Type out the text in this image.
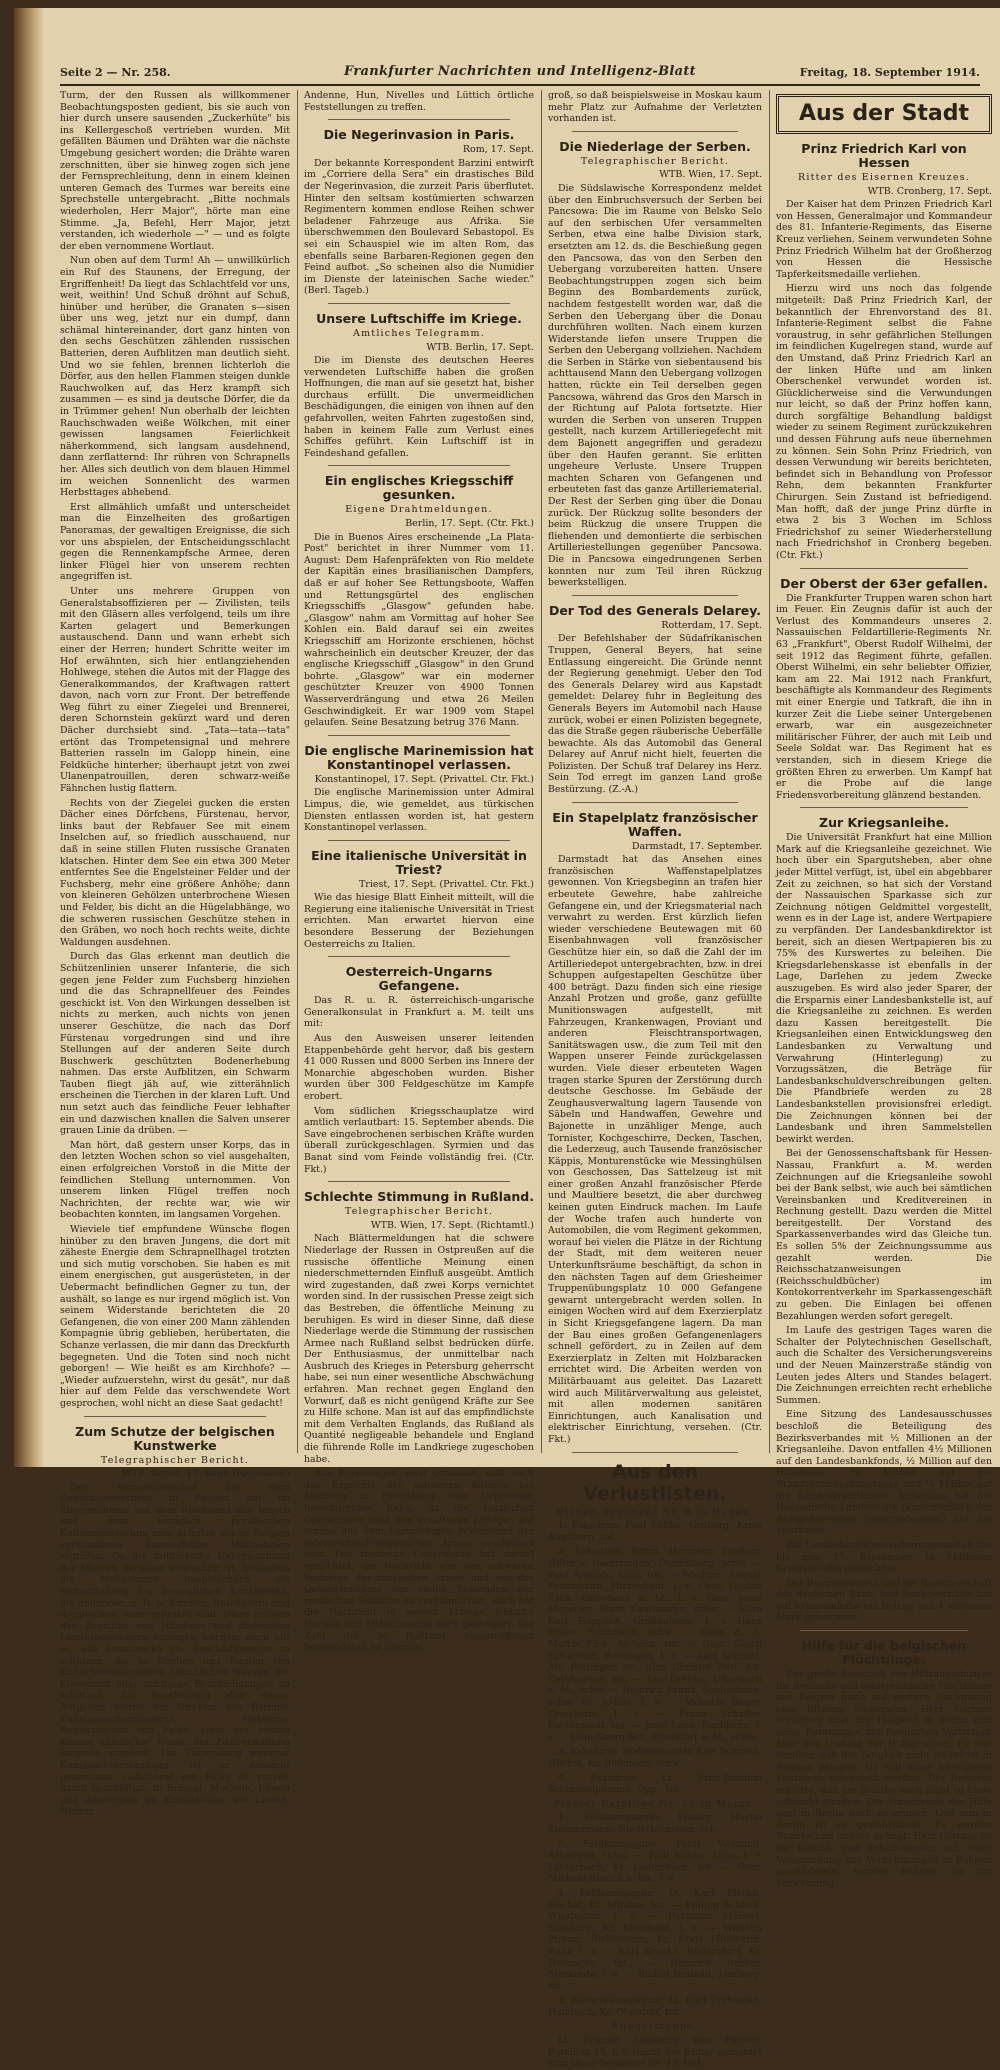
Seite 2 — Nr. 258.	Frankfurter Nachrichten und Intelligenz-Blatt	Freitag, 18. September 1914.

Turm, der den Russen als willkommener Beobachtungsposten gedient, bis sie auch von hier durch unsere sausenden „Zuckerhüte" bis ins Kellergeschoß vertrieben wurden. Mit gefällten Bäumen und Drähten war die nächste Umgebung gesichert worden; die Drähte waren zerschnitten, über sie hinweg zogen sich jene der Fernsprechleitung, denn in einem kleinen unteren Gemach des Turmes war bereits eine Sprechstelle untergebracht. „Bitte nochmals wiederholen, Herr Major", hörte man eine Stimme. „Ja, Befehl, Herr Major, jetzt verstanden, ich wiederhole —" — und es folgte der eben vernommene Wortlaut.

Nun oben auf dem Turm! Ah — unwillkürlich ein Ruf des Staunens, der Erregung, der Ergriffenheit! Da liegt das Schlachtfeld vor uns, weit, weithin! Und Schuß dröhnt auf Schuß, hinüber und herüber, die Granaten s—sisen über uns weg, jetzt nur ein dumpf, dann schämal hintereinander, dort ganz hinten von den sechs Geschützen zählenden russischen Batterien, deren Aufblitzen man deutlich sieht. Und wo sie fehlen, brennen lichterloh die Dörfer, aus den hellen Flammen steigen dunkle Rauchwolken auf, das Herz krampft sich zusammen — es sind ja deutsche Dörfer, die da in Trümmer gehen! Nun oberhalb der leichten Rauchschwaden weiße Wölkchen, mit einer gewissen langsamen Feierlichkeit näherkommend, sich langsam ausdehnend, dann zerflatternd: Ihr rühren von Schrapnells her. Alles sich deutlich von dem blauen Himmel im weichen Sonnenlicht des warmen Herbsttages abhebend.

Erst allmählich umfaßt und unterscheidet man die Einzelheiten des großartigen Panoramas, der gewaltigen Ereignisse, die sich vor uns abspielen, der Entscheidungsschlacht gegen die Rennenkampfsche Armee, deren linker Flügel hier von unserem rechten angegriffen ist.

Unter uns mehrere Gruppen von Generalstabsoffizieren per — Zivilisten, teils mit den Gläsern alles verfolgend, teils um ihre Karten gelagert und Bemerkungen austauschend. Dann und wann erhebt sich einer der Herren; hundert Schritte weiter im Hof erwähnten, sich hier entlangziehenden Hohlwege, stehen die Autos mit der Flagge des Generalkommandos, der Kraftwagen rattert davon, nach vorn zur Front. Der betreffende Weg führt zu einer Ziegelei und Brennerei, deren Schornstein gekürzt ward und deren Dächer durchsiebt sind. „Tata—tata—tata" ertönt das Trompetensignal und mehrere Batterien rasseln im Galopp hinein, eine Feldküche hinterher; überhaupt jetzt von zwei Ulanenpatrouillen, deren schwarz-weiße Fähnchen lustig flattern.

Rechts von der Ziegelei gucken die ersten Dächer eines Dörfchens, Fürstenau, hervor, links baut der Rebfauer See mit einem Inselchen auf, so friedlich ausschauend, nur daß in seine stillen Fluten russische Granaten klatschen. Hinter dem See ein etwa 300 Meter entferntes See die Engelsteiner Felder und der Fuchsberg, mehr eine größere Anhöhe; dann von kleineren Gehölzen unterbrochene Wiesen und Felder, bis dicht an die Hügelabhänge, wo die schweren russischen Geschütze stehen in den Gräben, wo noch hoch rechts weite, dichte Waldungen ausdehnen.

Durch das Glas erkennt man deutlich die Schützenlinien unserer Infanterie, die sich gegen jene Felder zum Fuchsberg hinziehen und die das Schrapnellfeuer des Feindes geschickt ist. Von den Wirkungen desselben ist nichts zu merken, auch nichts von jenen unserer Geschütze, die nach das Dorf Fürstenau vorgedrungen sind und ihre Stellungen auf der anderen Seite durch Buschwerk geschützten Bodenerhebung nahmen. Das erste Aufblitzen, ein Schwarm Tauben fliegt jäh auf, wie zitterähnlich erscheinen die Tierchen in der klaren Luft. Und nun setzt auch das feindliche Feuer lebhafter ein und dazwischen knallen die Salven unserer grauen Linie da drüben. —

Man hört, daß gestern unser Korps, das in den letzten Wochen schon so viel ausgehalten, einen erfolgreichen Vorstoß in die Mitte der feindlichen Stellung unternommen. Von unserem linken Flügel treffen noch Nachrichten, der rechte war, wie wir beobachten konnten, im langsamen Vorgehen.

Wieviele tief empfundene Wünsche flogen hinüber zu den braven Jungens, die dort mit zäheste Energie dem Schrapnellhagel trotzten und sich mutig vorschoben. Sie haben es mit einem energischen, gut ausgerüsteten, in der Uebermacht befindlichen Gegner zu tun, der aushält, so lange es nur irgend möglich ist. Von seinem Widerstande berichteten die 20 Gefangenen, die von einer 200 Mann zählenden Kompagnie übrig geblieben, herübertaten, die Schanze verlassen, die mir dann das Dreckfurth begegneten. Und die Toten sind noch nicht geborgen! — Wie heißt es am Kirchhofe? — „Wieder aufzuerstehn, wirst du gesät", nur daß hier auf dem Felde das verschwendete Wort gesprochen, wohl nicht an diese Saat gedacht!

Zum Schutze der belgischen Kunstwerke
Telegraphischer Bericht.
WTB. Berlin, 17. Sept. (Richtamtl.)

Der Verwaltungschef bei dem Generalgouverneur in Belgien hat im Einvernehmen mit dem Reichsamt des Innern und dem königlich preußischen Kultusministerium zum Schutze der in Belgien vorhandenen Kunstschätze Maßnahmen ergriffen. Da die militärische Ueberwachung der Museen derselbe wesentlich ist, bestreben die Maßnahmen hauptsächlich die Sicherstellung der beweglichen Kunstwerke, die anderswo, z. B. in Kirchen, Rathäusern und dergleichen, untergebracht sind. Diese müssen den Zugriffen von Händlern und diebischen Landesbewohnern entzogen werden; auch gilt es, alle Kunstwerke vor Beschädigungen zu schützen, die in Kirchen und Bauten von Kulturbesonderheiten befindlichen Werken der Kleinkunst oder achtlosen Beschädigungen zu schützen. Zur Bearbeitung aller dieser Aufgaben wurde der Direktor des Berliner Kunstgewerbemuseums, Geheimer Regierungsrat von Falke, einer der besten Kenner sämtlicher Kunst, der Zivilverwaltung Belgiens zugeteilt. Die Entsendung weiterer Kunstsachverständiger ist in Aussicht genommen. Geheimrat von Falke ist zurzeit damit beschäftigt, in Brüssel, Mecheln, Löwen und Antwerpen an Kunststätten wie Löwen, Namur,

Andenne, Hun, Nivelles und Lüttich örtliche Feststellungen zu treffen.

Die Negerinvasion in Paris.
Rom, 17. Sept.

Der bekannte Korrespondent Barzini entwirft im „Corriere della Sera" ein drastisches Bild der Negerinvasion, die zurzeit Paris überflutet. Hinter den seltsam kostümierten schwarzen Regimentern kommen endlose Reihen schwer beladener Fahrzeuge aus Afrika. Sie überschwemmen den Boulevard Sebastopol. Es sei ein Schauspiel wie im alten Rom, das ebenfalls seine Barbaren-Regionen gegen den Feind aufbot. „So scheinen also die Numidier im Dienste der lateinischen Sache wieder." (Berl. Tageb.)

Unsere Luftschiffe im Kriege.
Amtliches Telegramm.
WTB. Berlin, 17. Sept.

Die im Dienste des deutschen Heeres verwendeten Luftschiffe haben die großen Hoffnungen, die man auf sie gesetzt hat, bisher durchaus erfüllt. Die unvermeidlichen Beschädigungen, die einigen von ihnen auf den gefahrvollen, weiten Fahrten zugestoßen sind, haben in keinem Falle zum Verlust eines Schiffes geführt. Kein Luftschiff ist in Feindeshand gefallen.

Ein englisches Kriegsschiff gesunken.
Eigene Drahtmeldungen.
Berlin, 17. Sept. (Ctr. Fkt.)

Die in Buenos Aires erscheinende „La Plata-Post" berichtet in ihrer Nummer vom 11. August: Dem Hafenpräfekten von Rio meldete der Kapitän eines brasilianischen Dampfers, daß er auf hoher See Rettungsboote, Waffen und Rettungsgürtel des englischen Kriegsschiffs „Glasgow" gefunden habe. „Glasgow" nahm am Vormittag auf hoher See Kohlen ein. Bald darauf sei ein zweites Kriegsschiff am Horizonte erschienen, höchst wahrscheinlich ein deutscher Kreuzer, der das englische Kriegsschiff „Glasgow" in den Grund bohrte. „Glasgow" war ein moderner geschützter Kreuzer von 4900 Tonnen Wasserverdrängung und etwa 26 Meilen Geschwindigkeit. Er war 1909 vom Stapel gelaufen. Seine Besatzung betrug 376 Mann.

Die englische Marinemission hat Konstantinopel verlassen.
Konstantinopel, 17. Sept. (Privattel. Ctr. Fkt.)

Die englische Marinemission unter Admiral Limpus, die, wie gemeldet, aus türkischen Diensten entlassen worden ist, hat gestern Konstantinopel verlassen.

Eine italienische Universität in Triest?
Triest, 17. Sept. (Privattel. Ctr. Fkt.)

Wie das hiesige Blatt Einheit mitteilt, will die Regierung eine italienische Universität in Triest errichten. Man erwartet hiervon eine besondere Besserung der Beziehungen Oesterreichs zu Italien.

Oesterreich-Ungarns Gefangene.

Das R. u. R. österreichisch-ungarische Generalkonsulat in Frankfurt a. M. teilt uns mit:

Aus den Ausweisen unserer leitenden Etappenbehörde geht hervor, daß bis gestern 41 000 Russen und 8000 Serben ins Innere der Monarchie abgeschoben wurden. Bisher wurden über 300 Feldgeschütze im Kampfe erobert.

Vom südlichen Kriegsschauplatze wird amtlich verlautbart: 15. September abends. Die Save eingebrochenen serbischen Kräfte wurden überall zurückgeschlagen. Syrmien und das Banat sind vom Feinde vollständig frei. (Ctr. Fkt.)

Schlechte Stimmung in Rußland.
Telegraphischer Bericht.
WTB. Wien, 17. Sept. (Richtamtl.)

Nach Blättermeldungen hat die schwere Niederlage der Russen in Ostpreußen auf die russische öffentliche Meinung einen niederschmetternden Einfluß ausgeübt. Amtlich wird zugestanden, daß zwei Korps vernichtet worden sind. In der russischen Presse zeigt sich das Bestreben, die öffentliche Meinung zu beruhigen. Es wird in dieser Sinne, daß diese Niederlage werde die Stimmung der russischen Armee nach Rußland selbst bedrücken dürfe. Der Enthusiasmus, der unmittelbar nach Ausbruch des Krieges in Petersburg geherrscht habe, sei nun einer wesentliche Abschwächung erfahren. Man rechnet gegen England den Vorwurf, daß es nicht genügend Kräfte zur See zu Hilfe schone. Man ist auf das empfindlichste mit dem Verhalten Englands, das Rußland als Quantité negligeable behandele und England die führende Rolle im Landkriege zugeschoben habe.

Aus Kopenhagen wird gemeldet, daß auch das Ergebnis der schweren Kämpfe bei Lemberg in Petersburg eine Depression hervorgerufen habe, da die russischen Operationen nach den erhaltenen Erfolgen auf einmal aus dem hartnäckigen Widerstand der österreichisch-ungarischen Armee gescheitert sind. Der russische Generalstab hat darauf verzichtet, die Nachricht von den schweren Verlusten der russischen Armee und von der Gefangennahme von vielen Tausenden von russischen Soldaten zu verheimlichen, doch hat die Nachricht in weiten Kreisen lebhafte Unruhe und Mißstimmung noch gesteigert. Die Zahl der in Rußland eingetroffenen Verwundeten ist überaus

groß, so daß beispielsweise in Moskau kaum mehr Platz zur Aufnahme der Verletzten vorhanden ist.

Die Niederlage der Serben.
Telegraphischer Bericht.
WTB. Wien, 17. Sept.

Die Südslawische Korrespondenz meldet über den Einbruchsversuch der Serben bei Pancsowa: Die im Raume von Belsko Selo auf den serbischen Ufer versammelten Serben, etwa eine halbe Division stark, ersetzten am 12. ds. die Beschießung gegen den Pancsowa, das von den Serben den Uebergang vorzubereiten hatten. Unsere Beobachtungstruppen zogen sich beim Beginn des Bombardements zurück, nachdem festgestellt worden war, daß die Serben den Uebergang über die Donau durchführen wollten. Nach einem kurzen Widerstande liefen unsere Truppen die Serben den Uebergang vollziehen. Nachdem die Serben in Stärke von siebentausend bis achttausend Mann den Uebergang vollzogen hatten, rückte ein Teil derselben gegen Pancsowa, während das Gros den Marsch in der Richtung auf Palota fortsetzte. Hier wurden die Serben von unseren Truppen gestellt, nach kurzem Artilleriegefecht mit dem Bajonett angegriffen und geradezu über den Haufen gerannt. Sie erlitten ungeheure Verluste. Unsere Truppen machten Scharen von Gefangenen und erbeuteten fast das ganze Artilleriematerial. Der Rest der Serben ging über die Donau zurück. Der Rückzug sollte besonders der beim Rückzug die unsere Truppen die fliehenden und demontierte die serbischen Artilleriestellungen gegenüber Pancsowa. Die in Pancsowa eingedrungenen Serben konnten nur zum Teil ihren Rückzug bewerkstelligen.

Der Tod des Generals Delarey.
Rotterdam, 17. Sept.

Der Befehlshaber der Südafrikanischen Truppen, General Beyers, hat seine Entlassung eingereicht. Die Gründe nennt der Regierung genehmigt. Ueber den Tod des Generals Delarey wird aus Kapstadt gemeldet: Delarey fuhr in Begleitung des Generals Beyers im Automobil nach Hause zurück, wobei er einen Polizisten begegnete, das die Straße gegen räuberische Ueberfälle bewachte. Als das Automobil das General Delarey auf Anruf nicht hielt, feuerten die Polizisten. Der Schuß traf Delarey ins Herz. Sein Tod erregt im ganzen Land große Bestürzung. (Z.-A.)

Ein Stapelplatz französischer Waffen.
Darmstadt, 17. September.

Darmstadt hat das Ansehen eines französischen Waffenstapelplatzes gewonnen. Von Kriegsbeginn an trafen hier erbeutete Gewehre, habe zahlreiche Gefangene ein, und der Kriegsmaterial nach verwahrt zu werden. Erst kürzlich liefen wieder verschiedene Beutewagen mit 60 Eisenbahnwagen voll französischer Geschütze hier ein, so daß die Zahl der im Artilleriedepot untergebrachten, bzw. in drei Schuppen aufgestapelten Geschütze über 400 beträgt. Dazu finden sich eine riesige Anzahl Protzen und große, ganz gefüllte Munitionswagen aufgestellt, mit Fahrzeugen, Krankenwagen, Proviant und anderen Fleischtransportwagen, Sanitätswagen usw., die zum Teil mit den Wappen unserer Feinde zurückgelassen wurden. Viele dieser erbeuteten Wagen tragen starke Spuren der Zerstörung durch deutsche Geschosse. Im Gebäude der Zeughausverwaltung lagern Tausende von Säbeln und Handwaffen, Gewehre und Bajonette in unzähliger Menge, auch Tornister, Kochgeschirre, Decken, Taschen, die Lederzeug, auch Tausende französischer Käppis, Monturenstücke wie Messinghülsen von Geschossen, Das Sattelzeug ist mit einer großen Anzahl französischer Pferde und Maultiere besetzt, die aber durchweg keinen guten Eindruck machen. Im Laufe der Woche trafen auch hunderte von Automobilen, die vom Regiment gekommen, worauf bei vielen die Plätze in der Richtung der Stadt, mit dem weiteren neuer Unterkunftsräume beschäftigt, da schon in den nächsten Tagen auf dem Griesheimer Truppenübungsplatz 10 000 Gefangene gewarnt untergebracht werden sollen. In einigen Wochen wird auf dem Exerzierplatz in Sicht Kriegsgefangene lagern. Da man der Bau eines großen Gefangenenlagers schnell gefördert, zu in Zeilen auf dem Exerzierplatz in Zelten mit Holzbaracken errichtet wird. Die Arbeiten werden von Militärbauamt aus geleitet. Das Lazarett wird auch Militärverwaltung aus geleistet, mit allen modernen sanitären Einrichtungen, auch Kanalisation und elektrischer Einrichtung, versehen. (Ctr. Fkt.)

Aus den Verlustlisten.
Ulanen-Regiment Nr. 6 in Hanau.

1. Eskadron: Paul Lübke, Grüberg, Kreis Augsburg, tot.

2. Eskadron: Rittm. Hermann Freiherr Hiller v. Gaertringen, Dusdinburg, schw. — Paul Arnolds, Köln, tot. — Wachtm. August Franzmann, Hirzenhain, l. v. Gesr. Gustav Esch, Offenbach a. M., l. v. Gesr. Josef Mayerter, Stadt Kaufbeuren, schw. — Ulan Karl Hoppach, Großauheim, l. v. Hans Holler, Stumbach, schw. — Gesr. d. R. Martin Fink, Alsheim, tot. — Gesr. Georg Erbachert, Bessingen, l. v. — Karl Schmitt, Alt. Rettinger, tot. Ulan Christof Weil, Alt. Gelnhausen, tot. — Leo Drehler, Offenbach a. M., schw. — Heinrich Frank, Schlierbach, schw. Kr. Jodeis, l. v. — Valentin Bauer, Griesheim, l. v. — Franz Schader, Biedenstadt, tot. — Josef Lang, Bachheim, l. v. — Ulan Georg Sch, Frankfurt a. M., schw.

3. Eskadron: Stabsveterinär Karl Schmidt, Höchst, Kr. Büdingen, schw.

4. Eskadron: Lt. Fritz-Joachim Schimmelpfennig, Opp., tot.

Pionier-Bataillon Nr. 25 in Mainz.

1. Feldkompagnie: Pionier Martin Zimmermann, Niederlahnstein, tot.

3. Feldkompagnie: Peter Weigand, Arheilgen, schw. — Paul Kohler, Olpe, l. v. Lauterbach, Kr. Lauterbach, tot. — Gesr. Michael Bierich a. Rh., l. v.

4. Feldkompagnie: Lt. Karl Fleckh, Höchst, Kr. Minden, tot. — Philipp Schlink, Wiesbaden, l. v. — Hermann Mälzerl, Duisburg, Kr. Kleinbuhl, l. v. — Wilhelm Pfrang, Biebesheim, Kr. Kreis Mühlheim-Ruhr, l. v. — Karl Krenke, Rüdersdorf, Kr. Hattingen, tot. — Heinrich Becker, Sterkrade, l. v. — Rudolf Brahold, Limburg, tot.

2. Reservekompagnie: Lt. Kurt Trebeman, Hombach, Kr. Oberdorf, tot.

Fliegertruppe.

Lt. Brutzer, Augsburg, vom Pionier-Bataillon 19, l. v. (nicht wie früher gemeldet vom Jäger-Regiment Nr. 13, tot).

Aus der Stadt
Prinz Friedrich Karl von Hessen
Ritter des Eisernen Kreuzes.
WTB. Cronberg, 17. Sept.

Der Kaiser hat dem Prinzen Friedrich Karl von Hessen, Generalmajor und Kommandeur des 81. Infanterie-Regiments, das Eiserne Kreuz verliehen. Seinem verwundeten Sohne Prinz Friedrich Wilhelm hat der Großherzog von Hessen die Hessische Tapferkeitsmedaille verliehen.

Hierzu wird uns noch das folgende mitgeteilt: Daß Prinz Friedrich Karl, der bekanntlich der Ehrenvorstand des 81. Infanterie-Regiment selbst die Fahne voraustrug, in sehr gefährlichen Stellungen im feindlichen Kugelregen stand, wurde auf den Umstand, daß Prinz Friedrich Karl an der linken Hüfte und am linken Oberschenkel verwundet worden ist. Glücklicherweise sind die Verwundungen nur leicht, so daß der Prinz hoffen kann, durch sorgfältige Behandlung baldigst wieder zu seinem Regiment zurückzukehren und dessen Führung aufs neue übernehmen zu können. Sein Sohn Prinz Friedrich, von dessen Verwundung wir bereits berichteten, befindet sich in Behandlung von Professor Rehn, dem bekannten Frankfurter Chirurgen. Sein Zustand ist befriedigend. Man hofft, daß der junge Prinz dürfte in etwa 2 bis 3 Wochen im Schloss Friedrichshof zu seiner Wiederherstellung nach Friedrichshof in Cronberg begeben. (Ctr. Fkt.)

Der Oberst der 63er gefallen.

Die Frankfurter Truppen waren schon hart im Feuer. Ein Zeugnis dafür ist auch der Verlust des Kommandeurs unseres 2. Nassauischen Feldartillerie-Regiments Nr. 63 „Frankfurt", Oberst Rudolf Wilhelmi, der seit 1912 das Regiment führte, gefallen. Oberst Wilhelmi, ein sehr beliebter Offizier, kam am 22. Mai 1912 nach Frankfurt, beschäftigte als Kommandeur des Regiments mit einer Energie und Tatkraft, die ihn in kurzer Zeit die Liebe seiner Untergebenen erwarb, war ein ausgezeichneter militärischer Führer, der auch mit Leib und Seele Soldat war. Das Regiment hat es verstanden, sich in diesem Kriege die größten Ehren zu erwerben. Um Kampf hat er die Probe auf die lange Friedensvorbereitung glänzend bestanden.

Zur Kriegsanleihe.

Die Universität Frankfurt hat eine Million Mark auf die Kriegsanleihe gezeichnet. Wie hoch über ein Spargutsheben, aber ohne jeder Mittel verfügt, ist, übel ein abgebbarer Zeit zu zeichnen, so hat sich der Vorstand der Nassauischen Sparkasse sich zur Zeichnung nötigen Geldmittel vorgestellt, wenn es in der Lage ist, andere Wertpapiere zu verpfänden. Der Landesbankdirektor ist bereit, sich an diesen Wertpapieren bis zu 75% des Kurswertes zu beleihen. Die Kriegsdarlehenskasse ist ebenfalls in der Lage, Darlehen zu jedem Zwecke auszugeben. Es wird also jeder Sparer, der die Ersparnis einer Landesbankstelle ist, auf die Kriegsanleihe zu zeichnen. Es werden dazu Kassen bereitgestellt. Die Kriegsanleihen einen Entwicklungsweg den Landesbanken zu Verwaltung und Verwahrung (Hinterlegung) zu Vorzugssätzen, die Beträge für Landesbankschuldverschreibungen gelten. Die Pfandbriefe werden zu 28 Landesbankstellen provisionsfrei erledigt. Die Zeichnungen können bei der Landesbank und ihren Sammelstellen bewirkt werden.

Bei der Genossenschaftsbank für Hessen-Nassau, Frankfurt a. M. werden Zeichnungen auf die Kriegsanleihe sowohl bei der Bank selbst, wie auch bei sämtlichen Vereinsbanken und Kreditvereinen in Rechnung gestellt. Dazu werden die Mittel bereitgestellt. Der Vorstand des Sparkassenverbandes wird das Gleiche tun. Es sollen 5% der Zeichnungssumme aus gezahlt werden. Die Reichsschatzanweisungen (Reichsschuldbücher) im Kontokorrentverkehr im Sparkassengeschäft zu geben. Die Einlagen bei offenen Bezahlungen werden sofort geregelt.

Im Laufe des gestrigen Tages waren die Schalter der Polytechnischen Gesellschaft, auch die Schalter des Versicherungsvereins und der Neuen Mainzerstraße ständig von Leuten jedes Alters und Standes belagert. Die Zeichnungen erreichten recht erhebliche Summen.

Eine Sitzung des Landesausschusses beschloß die Beteiligung des Bezirksverbandes mit ½ Millionen an der Kriegsanleihe. Davon entfallen 4½ Millionen auf den Landesbankfonds, ½ Million auf den Hilfsfonds, ¼ Million auf die Brandversicherungskasse und ¼ Million auf die Landeskreditkasse. Außerdem hat die Nassauische Landesbank (einschließlich der dazugehörenden Spargutsbanken) auf die Sparkasse.

Die Landesbezirksversicherungsanstalt hat bis zum 17. September 16 Millionen Kriegsanleihe gezeichnet.

Der Beamtenverein und die Beamtenschaft der deutschen Bank- und Bankgeschäfte hat auf Kriegsanleihe ein Betrag von 4 Millionen Mark gezeichnet.

Hilfe für die belgischen Flüchtlinge.

Der große Ausschuß des Hilfsausschusses für deutsche und österreichische Flüchtlinge aus Belgien hatte auf gestern Nachmittag eine Sitzung einberufen. Herr Gärtner erstattete über die Tätigkeit in Berlin und seine Beratungen mit Belgischen Vertretern über den Umfang der Hilfsarbeiten. Es war darüber, daß die Tätigkeit nicht weiter ist in Belgien gelegen; sie soll einer freiwilligen Konferenz unterstellt werden. Der Referent erklärte, daß die Bezirke noch nicht zu Ende gebracht werden. Der Vorsitzende der Hilfe sind in Berlin noch zu ordnen. Und nun in Berlin ist es gewährleistet. Es werden Bezirke und andere gelingt. Herr Gärtner ist für Beihilfe und Schadenersatz mit einer Versammlung nur Vernehmungen in Belgien gewährleistet werden können. So zur Verwahrung
